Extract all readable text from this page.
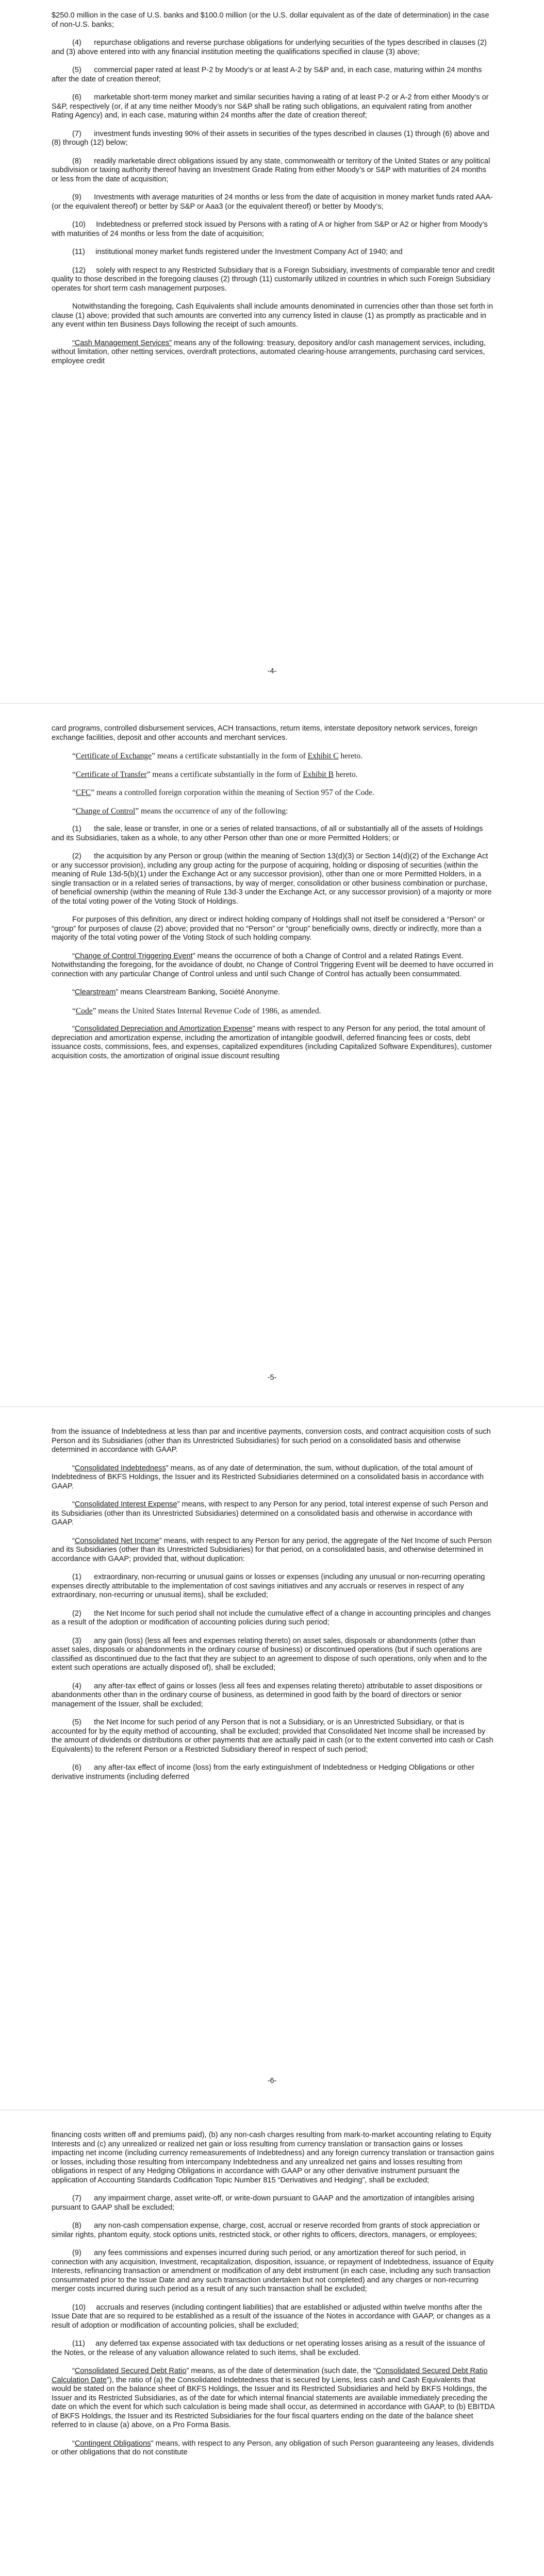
$250.0 million in the case of U.S. banks and $100.0 million (or the U.S. dollar equivalent as of the date of determination) in the case of non-U.S. banks;

(4)      repurchase obligations and reverse purchase obligations for underlying securities of the types described in clauses (2) and (3) above entered into with any financial institution meeting the qualifications specified in clause (3) above;

(5)      commercial paper rated at least P-2 by Moody’s or at least A-2 by S&P and, in each case, maturing within 24 months after the date of creation thereof;

(6)      marketable short-term money market and similar securities having a rating of at least P-2 or A-2 from either Moody’s or S&P, respectively (or, if at any time neither Moody’s nor S&P shall be rating such obligations, an equivalent rating from another Rating Agency) and, in each case, maturing within 24 months after the date of creation thereof;

(7)      investment funds investing 90% of their assets in securities of the types described in clauses (1) through (6) above and (8) through (12) below;

(8)      readily marketable direct obligations issued by any state, commonwealth or territory of the United States or any political subdivision or taxing authority thereof having an Investment Grade Rating from either Moody’s or S&P with maturities of 24 months or less from the date of acquisition;

(9)      Investments with average maturities of 24 months or less from the date of acquisition in money market funds rated AAA- (or the equivalent thereof) or better by S&P or Aaa3 (or the equivalent thereof) or better by Moody’s;

(10)     Indebtedness or preferred stock issued by Persons with a rating of A or higher from S&P or A2 or higher from Moody’s with maturities of 24 months or less from the date of acquisition;

(11)     institutional money market funds registered under the Investment Company Act of 1940; and

(12)     solely with respect to any Restricted Subsidiary that is a Foreign Subsidiary, investments of comparable tenor and credit quality to those described in the foregoing clauses (2) through (11) customarily utilized in countries in which such Foreign Subsidiary operates for short term cash management purposes.

Notwithstanding the foregoing, Cash Equivalents shall include amounts denominated in currencies other than those set forth in clause (1) above; provided that such amounts are converted into any currency listed in clause (1) as promptly as practicable and in any event within ten Business Days following the receipt of such amounts.

“Cash Management Services” means any of the following: treasury, depository and/or cash management services, including, without limitation, other netting services, overdraft protections, automated clearing-house arrangements, purchasing card services, employee credit

-4-

card programs, controlled disbursement services, ACH transactions, return items, interstate depository network services, foreign exchange facilities, deposit and other accounts and merchant services.

“Certificate of Exchange” means a certificate substantially in the form of Exhibit C hereto.

“Certificate of Transfer” means a certificate substantially in the form of Exhibit B hereto.

“CFC” means a controlled foreign corporation within the meaning of Section 957 of the Code.

“Change of Control” means the occurrence of any of the following:

(1)      the sale, lease or transfer, in one or a series of related transactions, of all or substantially all of the assets of Holdings and its Subsidiaries, taken as a whole, to any other Person other than one or more Permitted Holders; or

(2)      the acquisition by any Person or group (within the meaning of Section 13(d)(3) or Section 14(d)(2) of the Exchange Act or any successor provision), including any group acting for the purpose of acquiring, holding or disposing of securities (within the meaning of Rule 13d-5(b)(1) under the Exchange Act or any successor provision), other than one or more Permitted Holders, in a single transaction or in a related series of transactions, by way of merger, consolidation or other business combination or purchase, of beneficial ownership (within the meaning of Rule 13d-3 under the Exchange Act, or any successor provision) of a majority or more of the total voting power of the Voting Stock of Holdings.

For purposes of this definition, any direct or indirect holding company of Holdings shall not itself be considered a “Person” or “group” for purposes of clause (2) above; provided that no “Person” or “group” beneficially owns, directly or indirectly, more than a majority of the total voting power of the Voting Stock of such holding company.

“Change of Control Triggering Event” means the occurrence of both a Change of Control and a related Ratings Event. Notwithstanding the foregoing, for the avoidance of doubt, no Change of Control Triggering Event will be deemed to have occurred in connection with any particular Change of Control unless and until such Change of Control has actually been consummated.

“Clearstream” means Clearstream Banking, Société Anonyme.

“Code” means the United States Internal Revenue Code of 1986, as amended.

“Consolidated Depreciation and Amortization Expense” means with respect to any Person for any period, the total amount of depreciation and amortization expense, including the amortization of intangible goodwill, deferred financing fees or costs, debt issuance costs, commissions, fees, and expenses, capitalized expenditures (including Capitalized Software Expenditures), customer acquisition costs, the amortization of original issue discount resulting

-5-

from the issuance of Indebtedness at less than par and incentive payments, conversion costs, and contract acquisition costs of such Person and its Subsidiaries (other than its Unrestricted Subsidiaries) for such period on a consolidated basis and otherwise determined in accordance with GAAP.

“Consolidated Indebtedness” means, as of any date of determination, the sum, without duplication, of the total amount of Indebtedness of BKFS Holdings, the Issuer and its Restricted Subsidiaries determined on a consolidated basis in accordance with GAAP.

“Consolidated Interest Expense” means, with respect to any Person for any period, total interest expense of such Person and its Subsidiaries (other than its Unrestricted Subsidiaries) determined on a consolidated basis and otherwise in accordance with GAAP.

“Consolidated Net Income” means, with respect to any Person for any period, the aggregate of the Net Income of such Person and its Subsidiaries (other than its Unrestricted Subsidiaries) for that period, on a consolidated basis, and otherwise determined in accordance with GAAP; provided that, without duplication:

(1)      extraordinary, non-recurring or unusual gains or losses or expenses (including any unusual or non-recurring operating expenses directly attributable to the implementation of cost savings initiatives and any accruals or reserves in respect of any extraordinary, non-recurring or unusual items), shall be excluded;

(2)      the Net Income for such period shall not include the cumulative effect of a change in accounting principles and changes as a result of the adoption or modification of accounting policies during such period;

(3)      any gain (loss) (less all fees and expenses relating thereto) on asset sales, disposals or abandonments (other than asset sales, disposals or abandonments in the ordinary course of business) or discontinued operations (but if such operations are classified as discontinued due to the fact that they are subject to an agreement to dispose of such operations, only when and to the extent such operations are actually disposed of), shall be excluded;

(4)      any after-tax effect of gains or losses (less all fees and expenses relating thereto) attributable to asset dispositions or abandonments other than in the ordinary course of business, as determined in good faith by the board of directors or senior management of the Issuer, shall be excluded;

(5)      the Net Income for such period of any Person that is not a Subsidiary, or is an Unrestricted Subsidiary, or that is accounted for by the equity method of accounting, shall be excluded; provided that Consolidated Net Income shall be increased by the amount of dividends or distributions or other payments that are actually paid in cash (or to the extent converted into cash or Cash Equivalents) to the referent Person or a Restricted Subsidiary thereof in respect of such period;

(6)      any after-tax effect of income (loss) from the early extinguishment of Indebtedness or Hedging Obligations or other derivative instruments (including deferred

-6-

financing costs written off and premiums paid), (b) any non-cash charges resulting from mark-to-market accounting relating to Equity Interests and (c) any unrealized or realized net gain or loss resulting from currency translation or transaction gains or losses impacting net income (including currency remeasurements of Indebtedness) and any foreign currency translation or transaction gains or losses, including those resulting from intercompany Indebtedness and any unrealized net gains and losses resulting from obligations in respect of any Hedging Obligations in accordance with GAAP or any other derivative instrument pursuant the application of Accounting Standards Codification Topic Number 815 “Derivatives and Hedging”, shall be excluded;

(7)      any impairment charge, asset write-off, or write-down pursuant to GAAP and the amortization of intangibles arising pursuant to GAAP shall be excluded;

(8)      any non-cash compensation expense, charge, cost, accrual or reserve recorded from grants of stock appreciation or similar rights, phantom equity, stock options units, restricted stock, or other rights to officers, directors, managers, or employees;

(9)      any fees commissions and expenses incurred during such period, or any amortization thereof for such period, in connection with any acquisition, Investment, recapitalization, disposition, issuance, or repayment of Indebtedness, issuance of Equity Interests, refinancing transaction or amendment or modification of any debt instrument (in each case, including any such transaction consummated prior to the Issue Date and any such transaction undertaken but not completed) and any charges or non-recurring merger costs incurred during such period as a result of any such transaction shall be excluded;

(10)     accruals and reserves (including contingent liabilities) that are established or adjusted within twelve months after the Issue Date that are so required to be established as a result of the issuance of the Notes in accordance with GAAP, or changes as a result of adoption or modification of accounting policies, shall be excluded;

(11)     any deferred tax expense associated with tax deductions or net operating losses arising as a result of the issuance of the Notes, or the release of any valuation allowance related to such items, shall be excluded.

“Consolidated Secured Debt Ratio” means, as of the date of determination (such date, the “Consolidated Secured Debt Ratio Calculation Date”), the ratio of (a) the Consolidated Indebtedness that is secured by Liens, less cash and Cash Equivalents that would be stated on the balance sheet of BKFS Holdings, the Issuer and its Restricted Subsidiaries and held by BKFS Holdings, the Issuer and its Restricted Subsidiaries, as of the date for which internal financial statements are available immediately preceding the date on which the event for which such calculation is being made shall occur, as determined in accordance with GAAP, to (b) EBITDA of BKFS Holdings, the Issuer and its Restricted Subsidiaries for the four fiscal quarters ending on the date of the balance sheet referred to in clause (a) above, on a Pro Forma Basis.

“Contingent Obligations” means, with respect to any Person, any obligation of such Person guaranteeing any leases, dividends or other obligations that do not constitute
